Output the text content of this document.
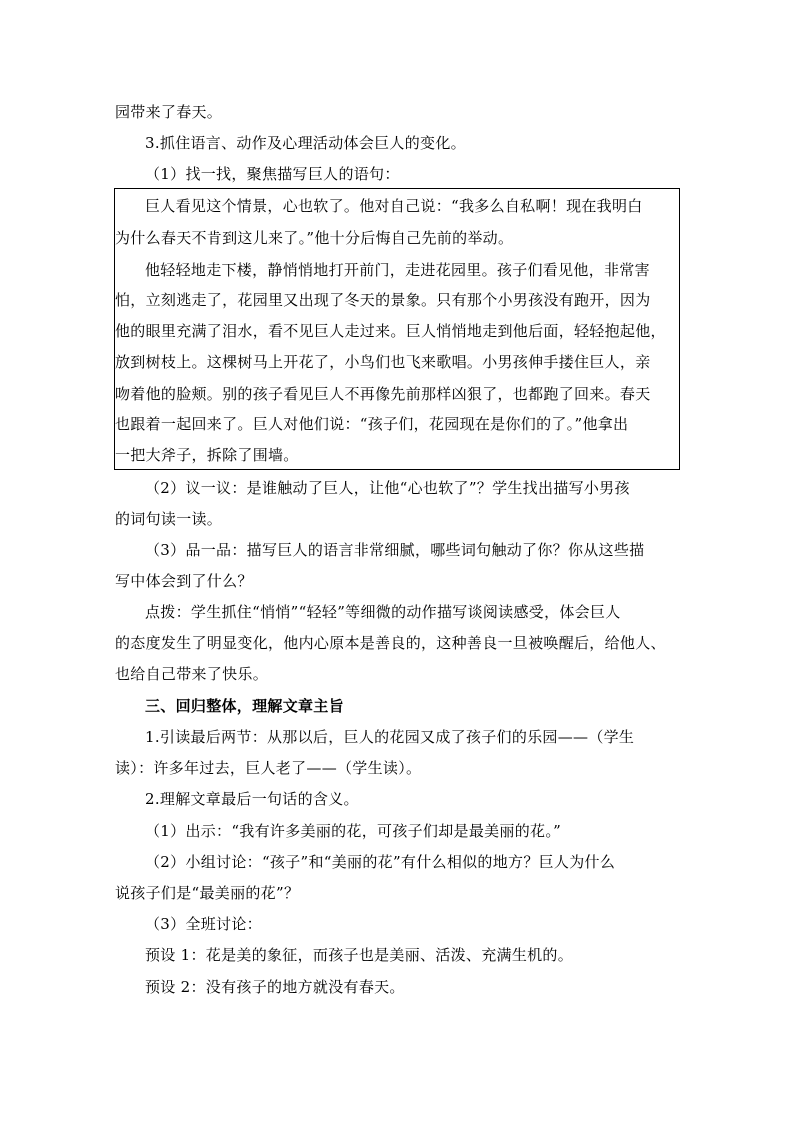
园带来了春天。
3.抓住语言、动作及心理活动体会巨人的变化。
（1）找一找，聚焦描写巨人的语句：
巨人看见这个情景，心也软了。他对自己说：“我多么自私啊！现在我明白
为什么春天不肯到这儿来了。”他十分后悔自己先前的举动。
他轻轻地走下楼，静悄悄地打开前门，走进花园里。孩子们看见他，非常害
怕，立刻逃走了，花园里又出现了冬天的景象。只有那个小男孩没有跑开，因为
他的眼里充满了泪水，看不见巨人走过来。巨人悄悄地走到他后面，轻轻抱起他，
放到树枝上。这棵树马上开花了，小鸟们也飞来歌唱。小男孩伸手搂住巨人，亲
吻着他的脸颊。别的孩子看见巨人不再像先前那样凶狠了，也都跑了回来。春天
也跟着一起回来了。巨人对他们说：“孩子们，花园现在是你们的了。”他拿出
一把大斧子，拆除了围墙。
（2）议一议：是谁触动了巨人，让他“心也软了”？学生找出描写小男孩
的词句读一读。
（3）品一品：描写巨人的语言非常细腻，哪些词句触动了你？你从这些描
写中体会到了什么？
点拨：学生抓住“悄悄”“轻轻”等细微的动作描写谈阅读感受，体会巨人
的态度发生了明显变化，他内心原本是善良的，这种善良一旦被唤醒后，给他人、
也给自己带来了快乐。
三、回归整体，理解文章主旨
1.引读最后两节：从那以后，巨人的花园又成了孩子们的乐园——（学生
读）：许多年过去，巨人老了——（学生读）。
2.理解文章最后一句话的含义。
（1）出示：“我有许多美丽的花，可孩子们却是最美丽的花。”
（2）小组讨论：“孩子”和“美丽的花”有什么相似的地方？巨人为什么
说孩子们是“最美丽的花”？
（3）全班讨论：
预设 1：花是美的象征，而孩子也是美丽、活泼、充满生机的。
预设 2：没有孩子的地方就没有春天。
